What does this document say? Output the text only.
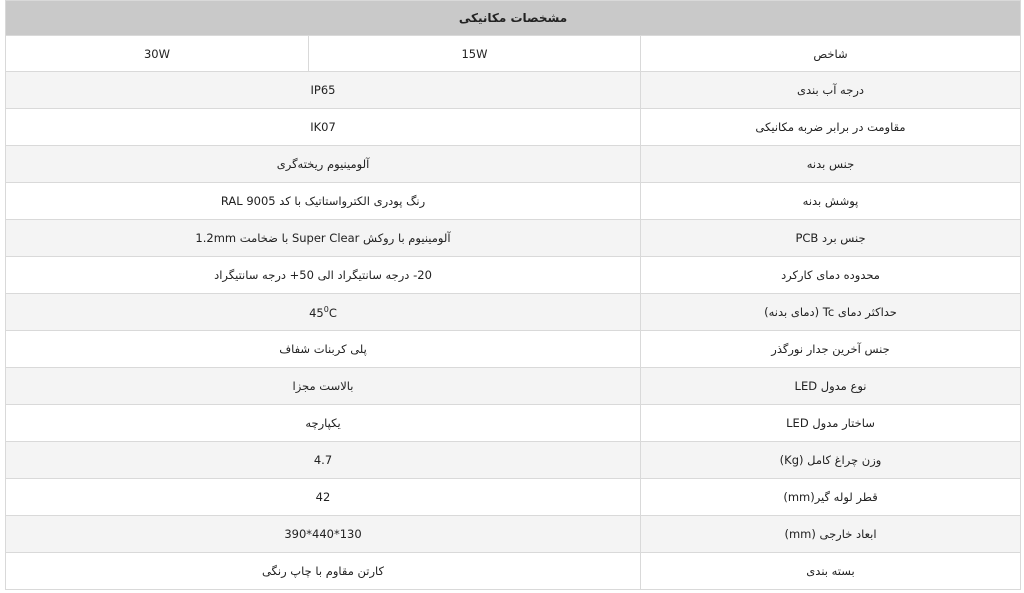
مشخصات مکانیکی		
30W	15W	شاخص
IP65		درجه آب بندی
IK07		مقاومت در برابر ضربه مکانیکی
آلومینیوم ریخته‌گری		جنس بدنه
رنگ پودری الکترواستاتیک با کد RAL 9005		پوشش بدنه
آلومینیوم با روکش Super Clear با ضخامت 1.2mm		جنس برد PCB
20- درجه سانتیگراد الی 50+ درجه سانتیگراد		محدوده دمای کارکرد
$45^0C$		حداکثر دمای Tc (دمای بدنه)
پلی کربنات شفاف		جنس آخرین جدار نورگذر
بالاست مجزا		نوع مدول LED
یکپارچه		ساختار مدول LED
4.7		وزن چراغ کامل (Kg)
42		قطر لوله گیر(mm)
130*440*390		ابعاد خارجی (mm)
کارتن مقاوم با چاپ رنگی		بسته بندی
